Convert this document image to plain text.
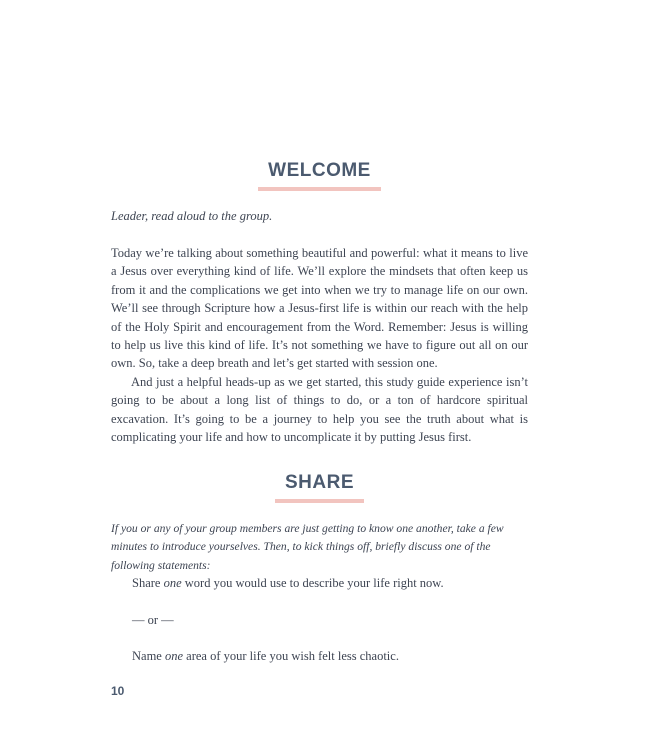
WELCOME
Leader, read aloud to the group.

Today we’re talking about something beautiful and powerful: what it means to live a Jesus over everything kind of life. We’ll explore the mindsets that often keep us from it and the complications we get into when we try to manage life on our own. We’ll see through Scripture how a Jesus-first life is within our reach with the help of the Holy Spirit and encouragement from the Word. Remember: Jesus is willing to help us live this kind of life. It’s not something we have to figure out all on our own. So, take a deep breath and let’s get started with session one.

And just a helpful heads-up as we get started, this study guide experience isn’t going to be about a long list of things to do, or a ton of hardcore spiritual excavation. It’s going to be a journey to help you see the truth about what is complicating your life and how to uncomplicate it by putting Jesus first.

SHARE
If you or any of your group members are just getting to know one another, take a few minutes to introduce yourselves. Then, to kick things off, briefly discuss one of the following statements:
Share one word you would use to describe your life right now.
— or —
Name one area of your life you wish felt less chaotic.
10
